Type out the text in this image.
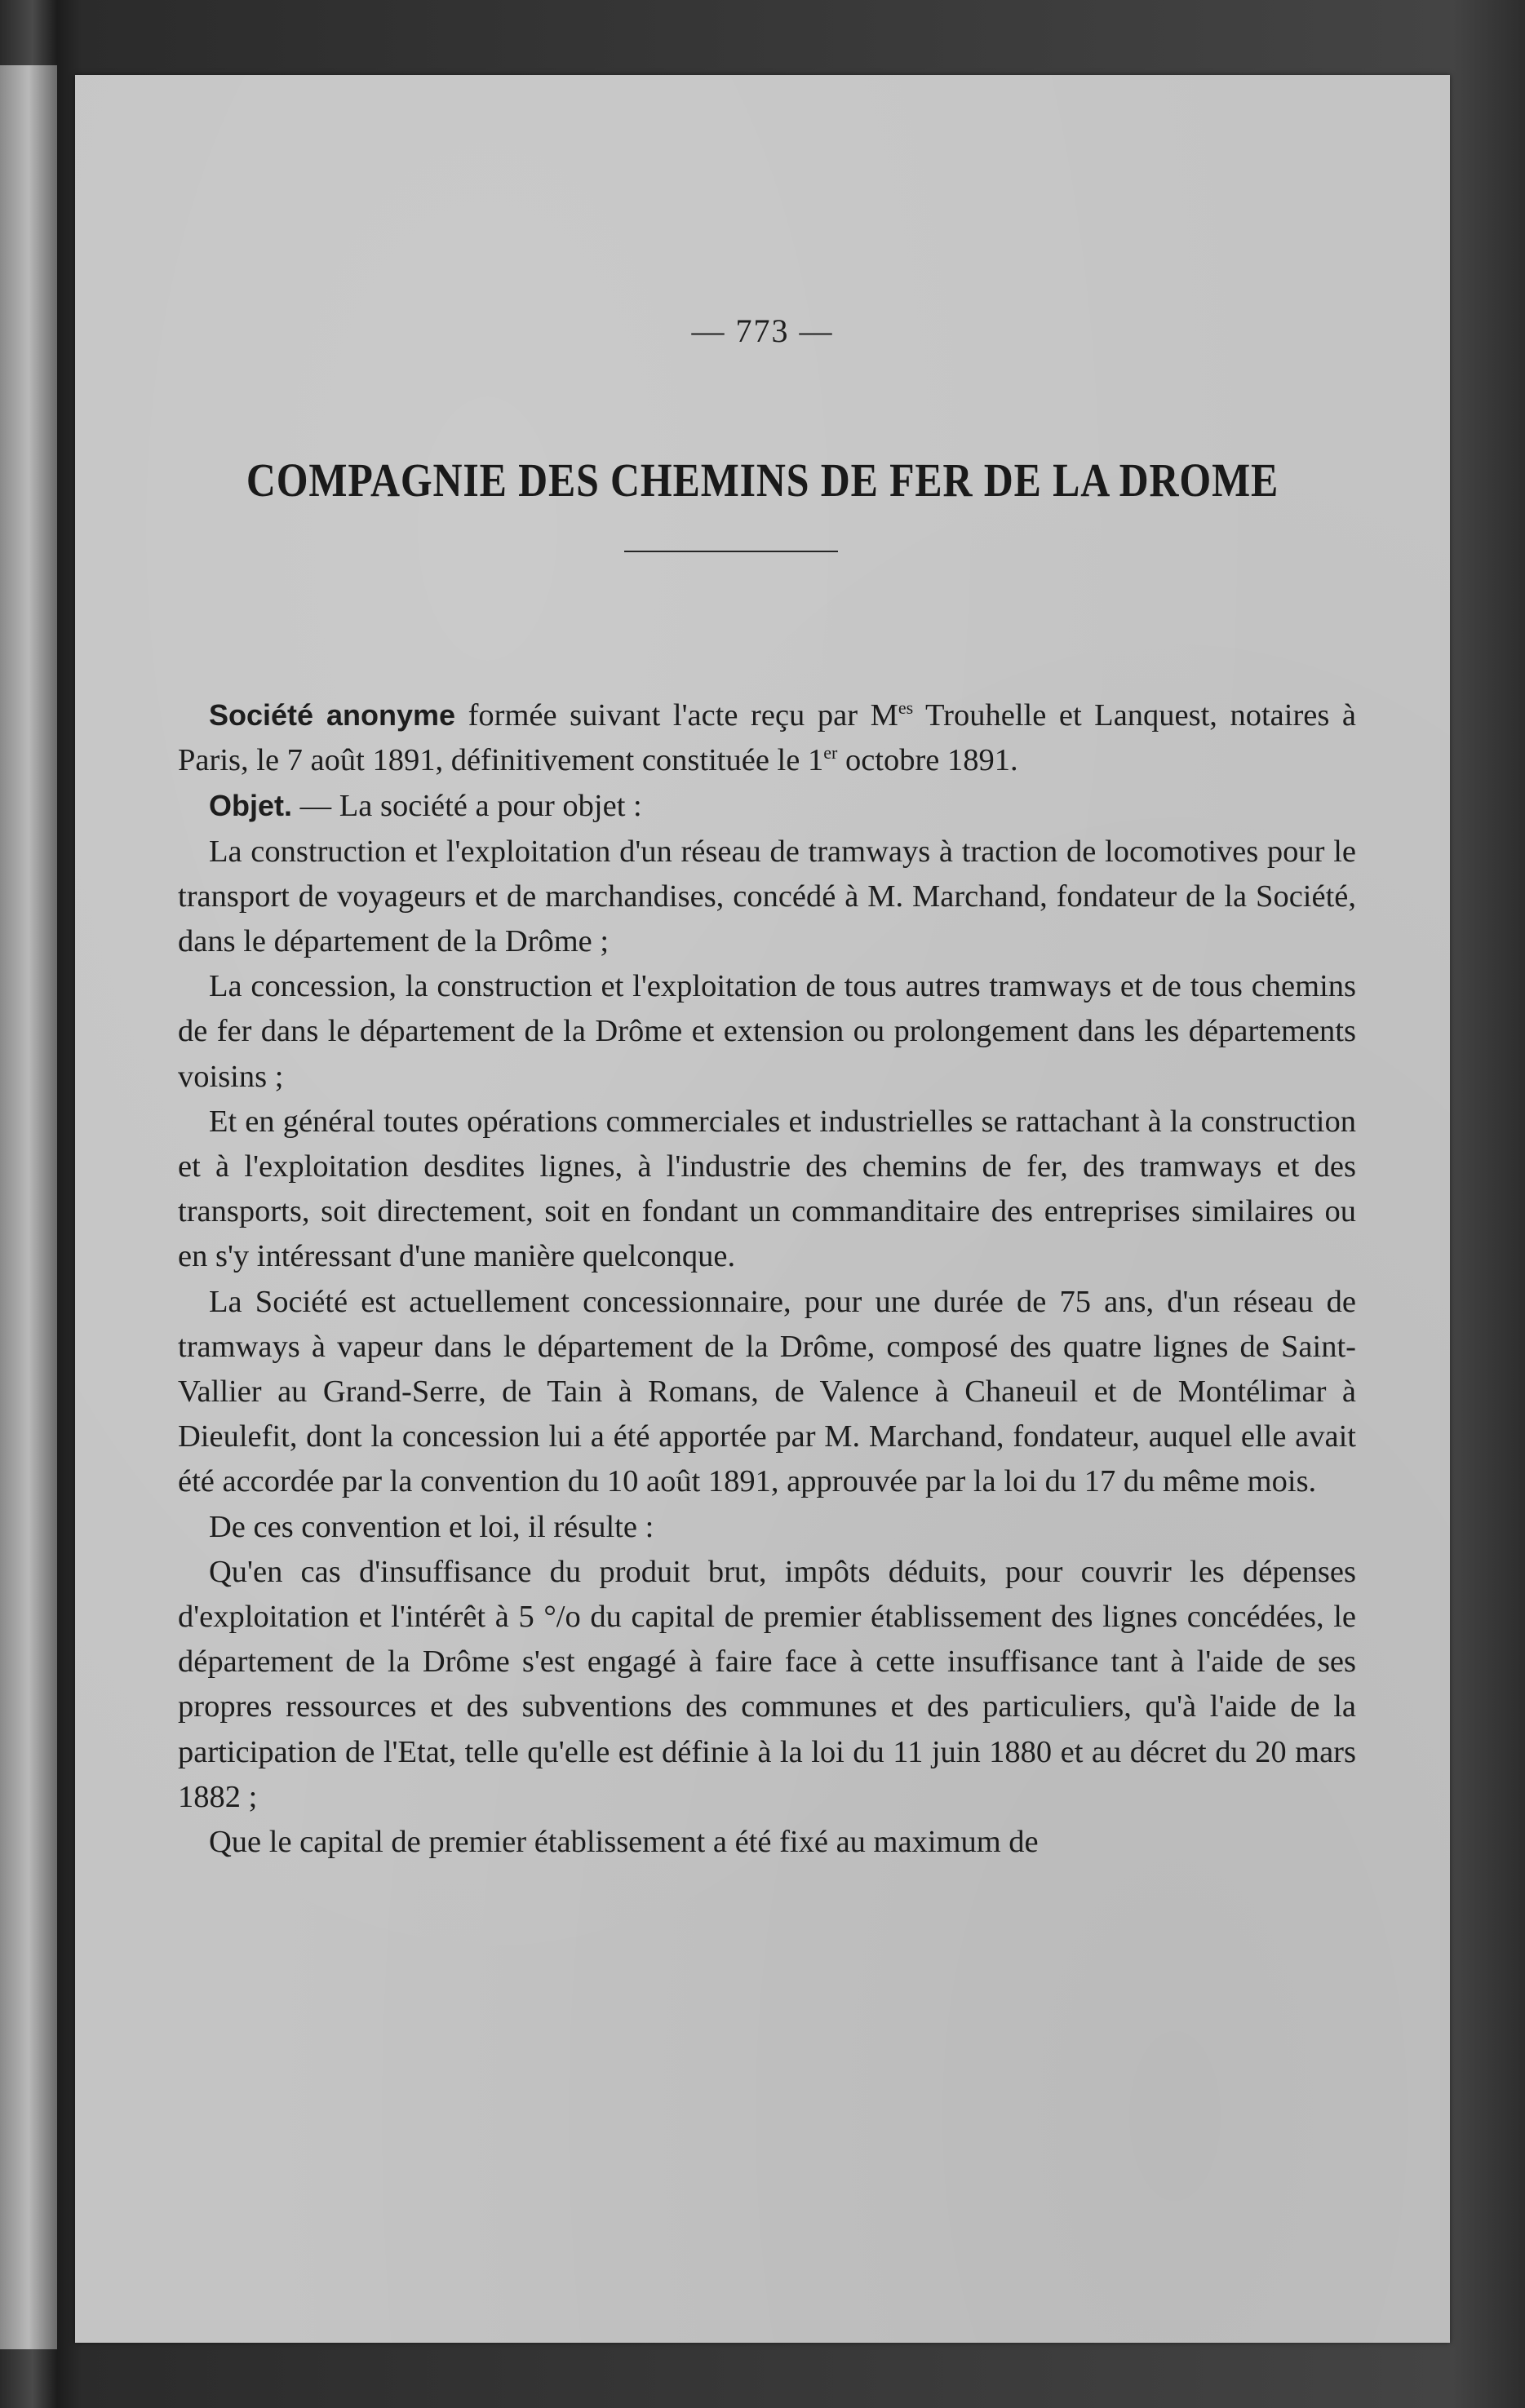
— 773 —
COMPAGNIE DES CHEMINS DE FER DE LA DROME

Société anonyme formée suivant l'acte reçu par $M^{es}$ Trouhelle et Lanquest, notaires à Paris, le 7 août 1891, définitivement constituée le 1er octobre 1891.

Objet. — La société a pour objet :

La construction et l'exploitation d'un réseau de tramways à traction de locomotives pour le transport de voyageurs et de marchandises, concédé à M. Marchand, fondateur de la Société, dans le département de la Drôme ;

La concession, la construction et l'exploitation de tous autres tramways et de tous chemins de fer dans le département de la Drôme et extension ou prolongement dans les départements voisins ;

Et en général toutes opérations commerciales et industrielles se rattachant à la construction et à l'exploitation desdites lignes, à l'industrie des chemins de fer, des tramways et des transports, soit directement, soit en fondant un commanditaire des entreprises similaires ou en s'y intéressant d'une manière quelconque.

La Société est actuellement concessionnaire, pour une durée de 75 ans, d'un réseau de tramways à vapeur dans le département de la Drôme, composé des quatre lignes de Saint-Vallier au Grand-Serre, de Tain à Romans, de Valence à Chaneuil et de Montélimar à Dieulefit, dont la concession lui a été apportée par M. Marchand, fondateur, auquel elle avait été accordée par la convention du 10 août 1891, approuvée par la loi du 17 du même mois.

De ces convention et loi, il résulte :

Qu'en cas d'insuffisance du produit brut, impôts déduits, pour couvrir les dépenses d'exploitation et l'intérêt à 5 °/o du capital de premier établissement des lignes concédées, le département de la Drôme s'est engagé à faire face à cette insuffisance tant à l'aide de ses propres ressources et des subventions des communes et des particuliers, qu'à l'aide de la participation de l'Etat, telle qu'elle est définie à la loi du 11 juin 1880 et au décret du 20 mars 1882 ;

Que le capital de premier établissement a été fixé au maximum de
